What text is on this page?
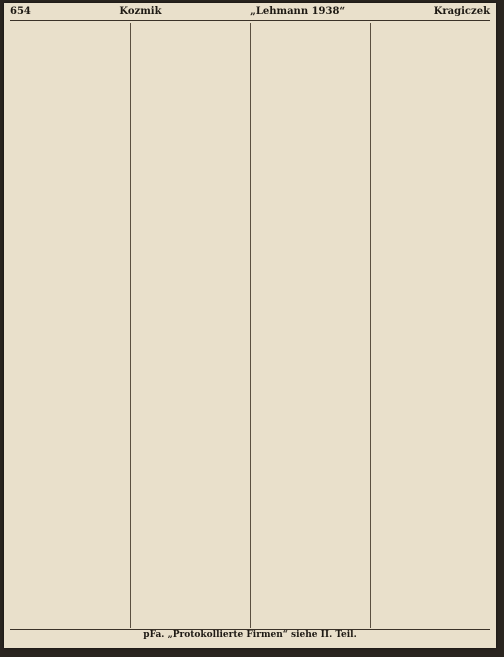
654	Kozmik	„Lehmann 1938“	Kragiczek
pFa. „Protokollierte Firmen“ siehe II. Teil.
